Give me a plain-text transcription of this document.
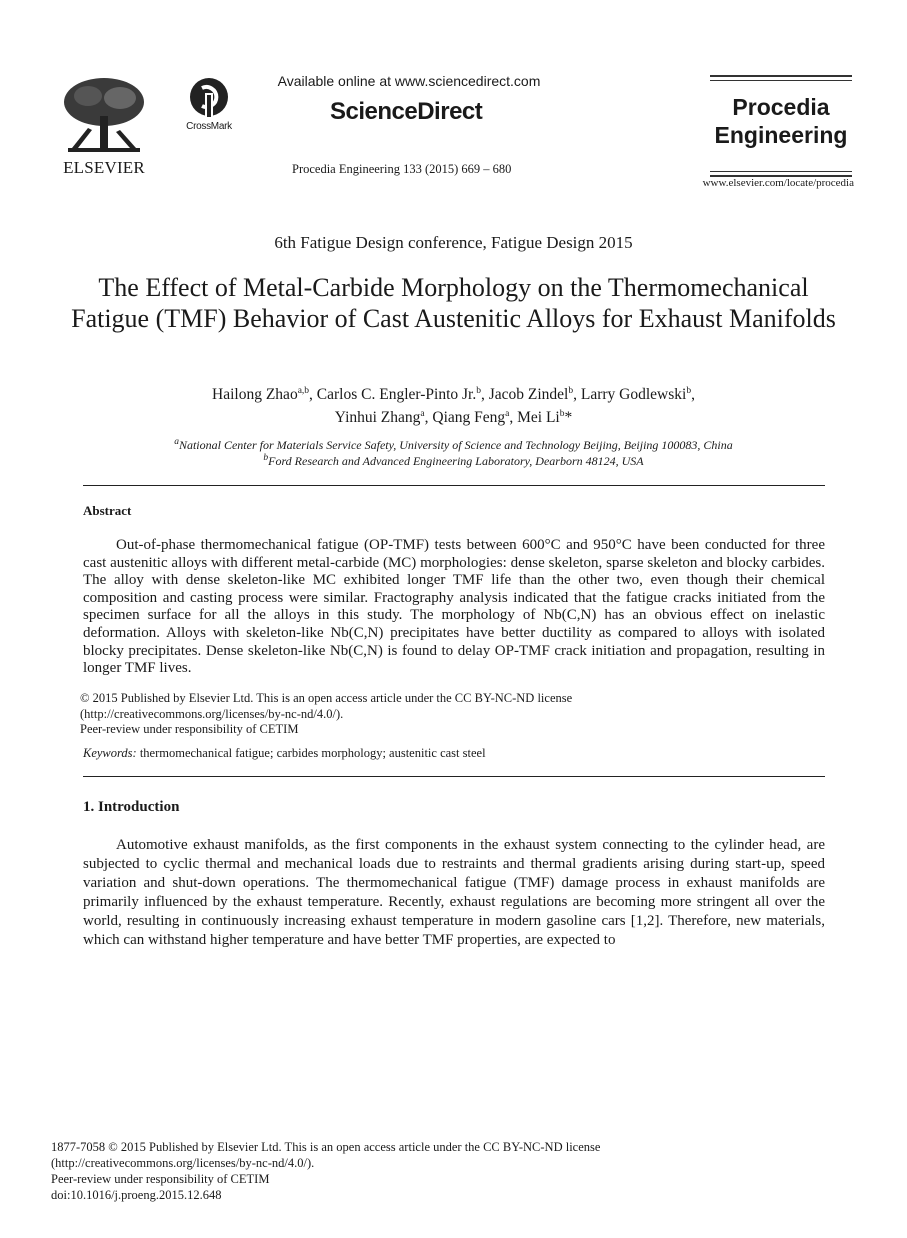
ELSEVIER
CrossMark
Available online at www.sciencedirect.com
ScienceDirect
Procedia Engineering 133 (2015) 669 – 680
Procedia
Engineering
www.elsevier.com/locate/procedia
6th Fatigue Design conference, Fatigue Design 2015
The Effect of Metal-Carbide Morphology on the Thermomechanical Fatigue (TMF) Behavior of Cast Austenitic Alloys for Exhaust Manifolds
Hailong Zhao$^{a,b}$, Carlos C. Engler-Pinto Jr.$^b$, Jacob Zindel$^b$, Larry Godlewski$^b$,
Yinhui Zhang$^a$, Qiang Feng$^a$, Mei Li$^b$*
$^a$National Center for Materials Service Safety, University of Science and Technology Beijing, Beijing 100083, China
$^b$Ford Research and Advanced Engineering Laboratory, Dearborn 48124, USA
Abstract
Out-of-phase thermomechanical fatigue (OP-TMF) tests between 600°C and 950°C have been conducted for three cast austenitic alloys with different metal-carbide (MC) morphologies: dense skeleton, sparse skeleton and blocky carbides. The alloy with dense skeleton-like MC exhibited longer TMF life than the other two, even though their chemical composition and casting process were similar. Fractography analysis indicated that the fatigue cracks initiated from the specimen surface for all the alloys in this study. The morphology of Nb(C,N) has an obvious effect on inelastic deformation. Alloys with skeleton-like Nb(C,N) precipitates have better ductility as compared to alloys with isolated blocky precipitates. Dense skeleton-like Nb(C,N) is found to delay OP-TMF crack initiation and propagation, resulting in longer TMF lives.
© 2015 Published by Elsevier Ltd. This is an open access article under the CC BY-NC-ND license
(http://creativecommons.org/licenses/by-nc-nd/4.0/).
Peer-review under responsibility of CETIM
Keywords: thermomechanical fatigue; carbides morphology; austenitic cast steel
1. Introduction
Automotive exhaust manifolds, as the first components in the exhaust system connecting to the cylinder head, are subjected to cyclic thermal and mechanical loads due to restraints and thermal gradients arising during start-up, speed variation and shut-down operations. The thermomechanical fatigue (TMF) damage process in exhaust manifolds are primarily influenced by the exhaust temperature. Recently, exhaust regulations are becoming more stringent all over the world, resulting in continuously increasing exhaust temperature in modern gasoline cars [1,2]. Therefore, new materials, which can withstand higher temperature and have better TMF properties, are expected to
1877-7058 © 2015 Published by Elsevier Ltd. This is an open access article under the CC BY-NC-ND license
(http://creativecommons.org/licenses/by-nc-nd/4.0/).
Peer-review under responsibility of CETIM
doi:10.1016/j.proeng.2015.12.648
